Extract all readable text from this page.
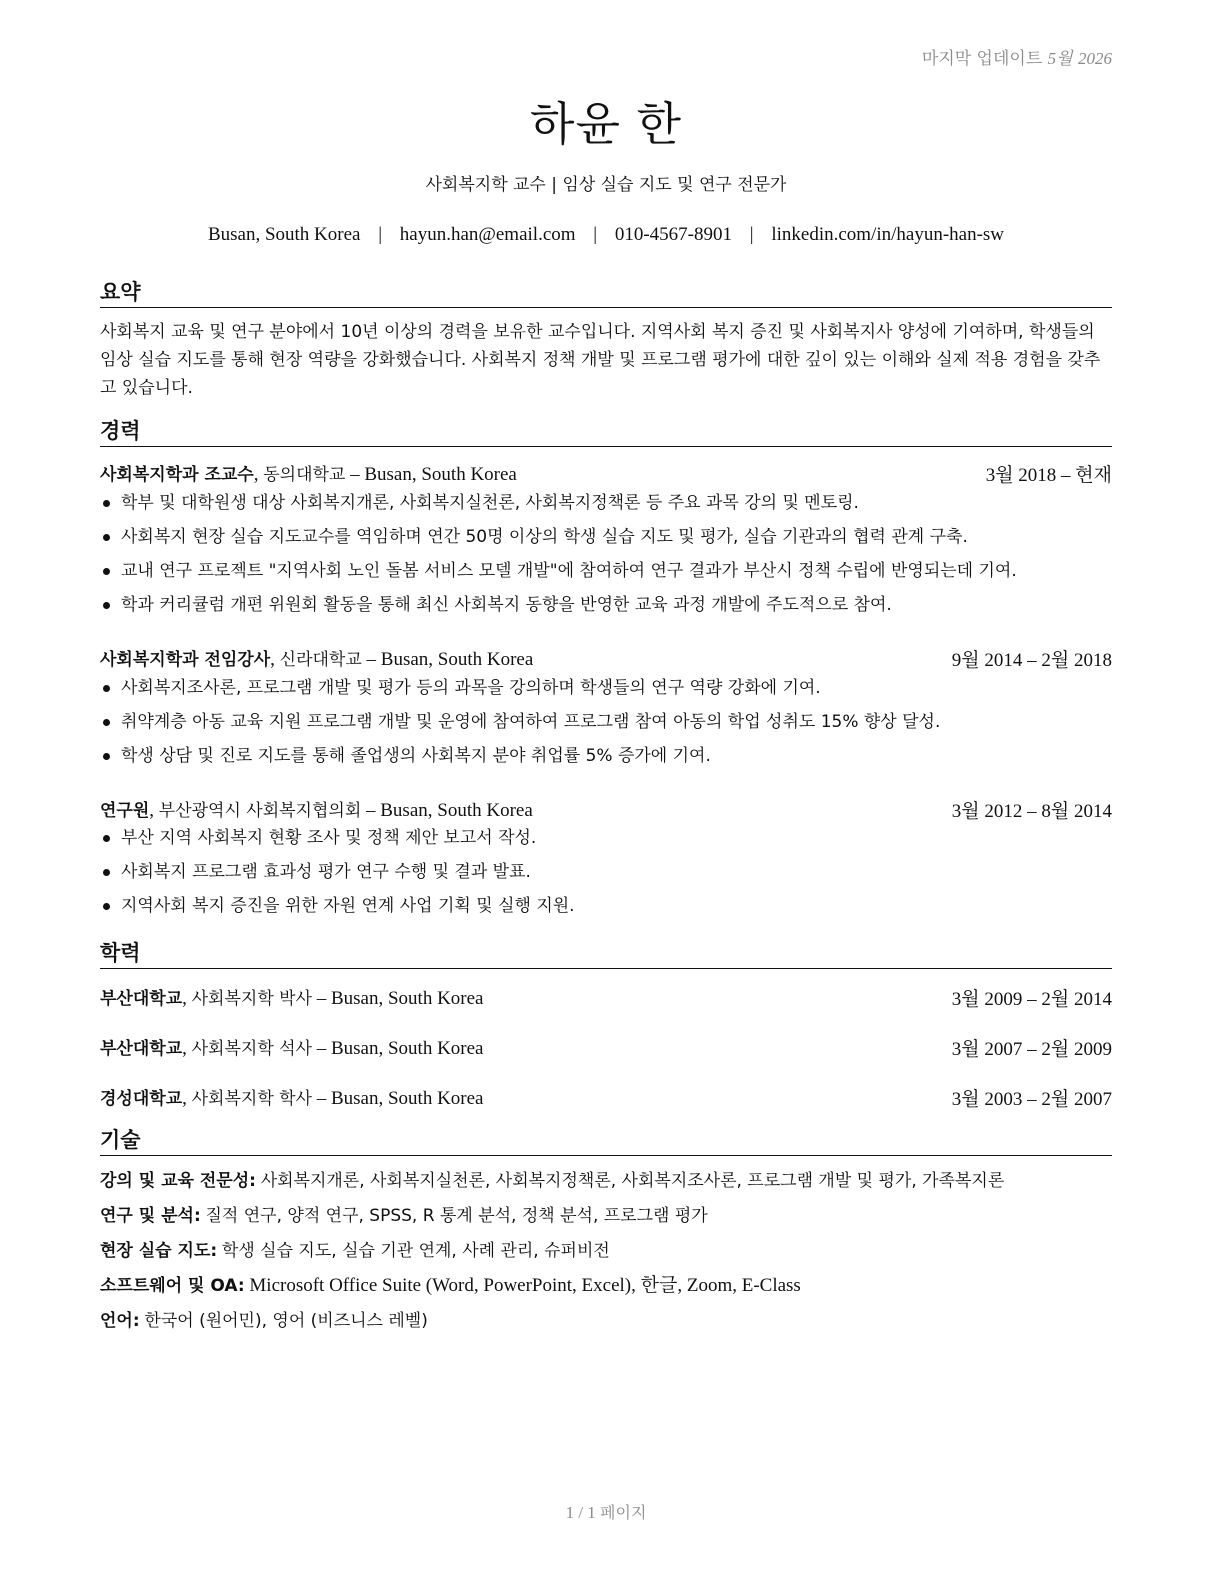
마지막 업데이트 5월 2026
하윤 한
사회복지학 교수 | 임상 실습 지도 및 연구 전문가
Busan, South Korea | hayun.han@email.com | 010-4567-8901 | linkedin.com/in/hayun-han-sw
요약

사회복지 교육 및 연구 분야에서 10년 이상의 경력을 보유한 교수입니다. 지역사회 복지 증진 및 사회복지사 양성에 기여하며, 학생들의 임상 실습 지도를 통해 현장 역량을 강화했습니다. 사회복지 정책 개발 및 프로그램 평가에 대한 깊이 있는 이해와 실제 적용 경험을 갖추고 있습니다.

경력
사회복지학과 조교수, 동의대학교 – Busan, South Korea	3월 2018 – 현재
학부 및 대학원생 대상 사회복지개론, 사회복지실천론, 사회복지정책론 등 주요 과목 강의 및 멘토링.
사회복지 현장 실습 지도교수를 역임하며 연간 50명 이상의 학생 실습 지도 및 평가, 실습 기관과의 협력 관계 구축.
교내 연구 프로젝트 "지역사회 노인 돌봄 서비스 모델 개발"에 참여하여 연구 결과가 부산시 정책 수립에 반영되는데 기여.
학과 커리큘럼 개편 위원회 활동을 통해 최신 사회복지 동향을 반영한 교육 과정 개발에 주도적으로 참여.
사회복지학과 전임강사, 신라대학교 – Busan, South Korea	9월 2014 – 2월 2018
사회복지조사론, 프로그램 개발 및 평가 등의 과목을 강의하며 학생들의 연구 역량 강화에 기여.
취약계층 아동 교육 지원 프로그램 개발 및 운영에 참여하여 프로그램 참여 아동의 학업 성취도 15% 향상 달성.
학생 상담 및 진로 지도를 통해 졸업생의 사회복지 분야 취업률 5% 증가에 기여.
연구원, 부산광역시 사회복지협의회 – Busan, South Korea	3월 2012 – 8월 2014
부산 지역 사회복지 현황 조사 및 정책 제안 보고서 작성.
사회복지 프로그램 효과성 평가 연구 수행 및 결과 발표.
지역사회 복지 증진을 위한 자원 연계 사업 기획 및 실행 지원.
학력
부산대학교, 사회복지학 박사 – Busan, South Korea	3월 2009 – 2월 2014
부산대학교, 사회복지학 석사 – Busan, South Korea	3월 2007 – 2월 2009
경성대학교, 사회복지학 학사 – Busan, South Korea	3월 2003 – 2월 2007
기술
강의 및 교육 전문성: 사회복지개론, 사회복지실천론, 사회복지정책론, 사회복지조사론, 프로그램 개발 및 평가, 가족복지론
연구 및 분석: 질적 연구, 양적 연구, SPSS, R 통계 분석, 정책 분석, 프로그램 평가
현장 실습 지도: 학생 실습 지도, 실습 기관 연계, 사례 관리, 슈퍼비전
소프트웨어 및 OA: Microsoft Office Suite (Word, PowerPoint, Excel), 한글, Zoom, E-Class
언어: 한국어 (원어민), 영어 (비즈니스 레벨)
1 / 1 페이지
